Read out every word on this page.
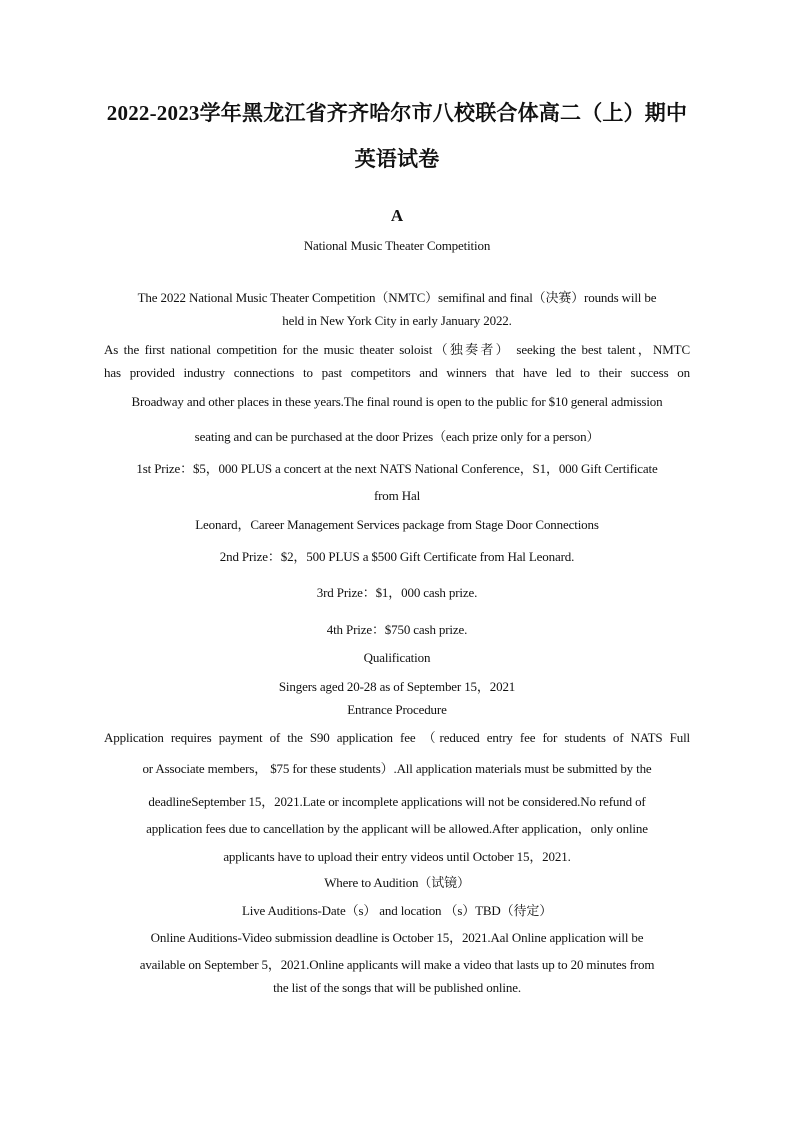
2022-2023学年黑龙江省齐齐哈尔市八校联合体高二（上）期中
英语试卷
A
National Music Theater Competition
The 2022 National Music Theater Competition（NMTC）semifinal and final（决赛）rounds will be
held in New York City in early January 2022.
As the first national competition for the music theater soloist（独奏者） seeking the best talent，NMTC
has provided industry connections to past competitors and winners that have led to their success on
Broadway and other places in these years.The final round is open to the public for $10 general admission
seating and can be purchased at the door Prizes（each prize only for a person）
1st Prize：$5，000 PLUS a concert at the next NATS National Conference，S1，000 Gift Certificate
from Hal
Leonard，Career Management Services package from Stage Door Connections
2nd Prize：$2，500 PLUS a $500 Gift Certificate from Hal Leonard.
3rd Prize：$1，000 cash prize.
4th Prize：$750 cash prize.
Qualification
Singers aged 20-28 as of September 15，2021
Entrance Procedure
Application requires payment of the S90 application fee （reduced entry fee for students of NATS Full
or Associate members， $75 for these students）.All application materials must be submitted by the
deadlineSeptember 15，2021.Late or incomplete applications will not be considered.No refund of
application fees due to cancellation by the applicant will be allowed.After application，only online
applicants have to upload their entry videos until October 15，2021.
Where to Audition（试镜）
Live Auditions-Date（s） and location （s）TBD（待定）
Online Auditions-Video submission deadline is October 15，2021.Aal Online application will be
available on September 5，2021.Online applicants will make a video that lasts up to 20 minutes from
the list of the songs that will be published online.
